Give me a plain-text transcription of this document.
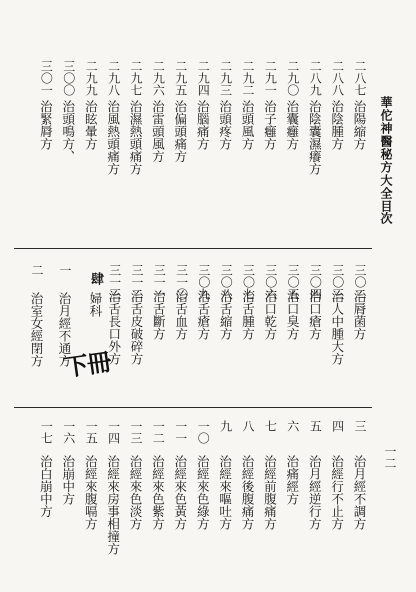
華佗神醫秘方大全
目次
一二
二八七
治陽縮方
二八八
治陰腫方
二八九
治陰囊濕癢方
二九〇
治囊癰方
二九一
治子癰方
二九二
治頭風方
二九三
治頭疼方
二九四
治腦痛方
二九五
治偏頭痛方
二九六
治雷頭風方
二九七
治濕熱頭痛方
二九八
治風熱頭痛方
二九九
治眩暈方
三〇〇
治頭鳴方、
三〇一
治緊脣方
三〇二
治脣菌方
三〇三
治人中腫大方
三〇四
治口瘡方
三〇五
治口臭方
三〇六
治口乾方
三〇七
治舌腫方
三〇八
治舌縮方
三〇九
治舌瘡方
三一〇
治舌血方
三一一
治舌斷方
三一二
治舌皮破碎方
三一三
治舌長口外方
一
治月經不通方
二
治室女經閉方
三
治月經不調方
四
治經行不止方
五
治月經逆行方
六
治痛經方
七
治經前腹痛方
八
治經後腹痛方
九
治經來嘔吐方
一〇
治經來色綠方
一一
治經來色黃方
一二
治經來色紫方
一三
治經來色淡方
一四
治經來房事相撞方
一五
治經來腹嗝方
一六
治崩中方
一七
治白崩中方
肆
婦科
下冊
